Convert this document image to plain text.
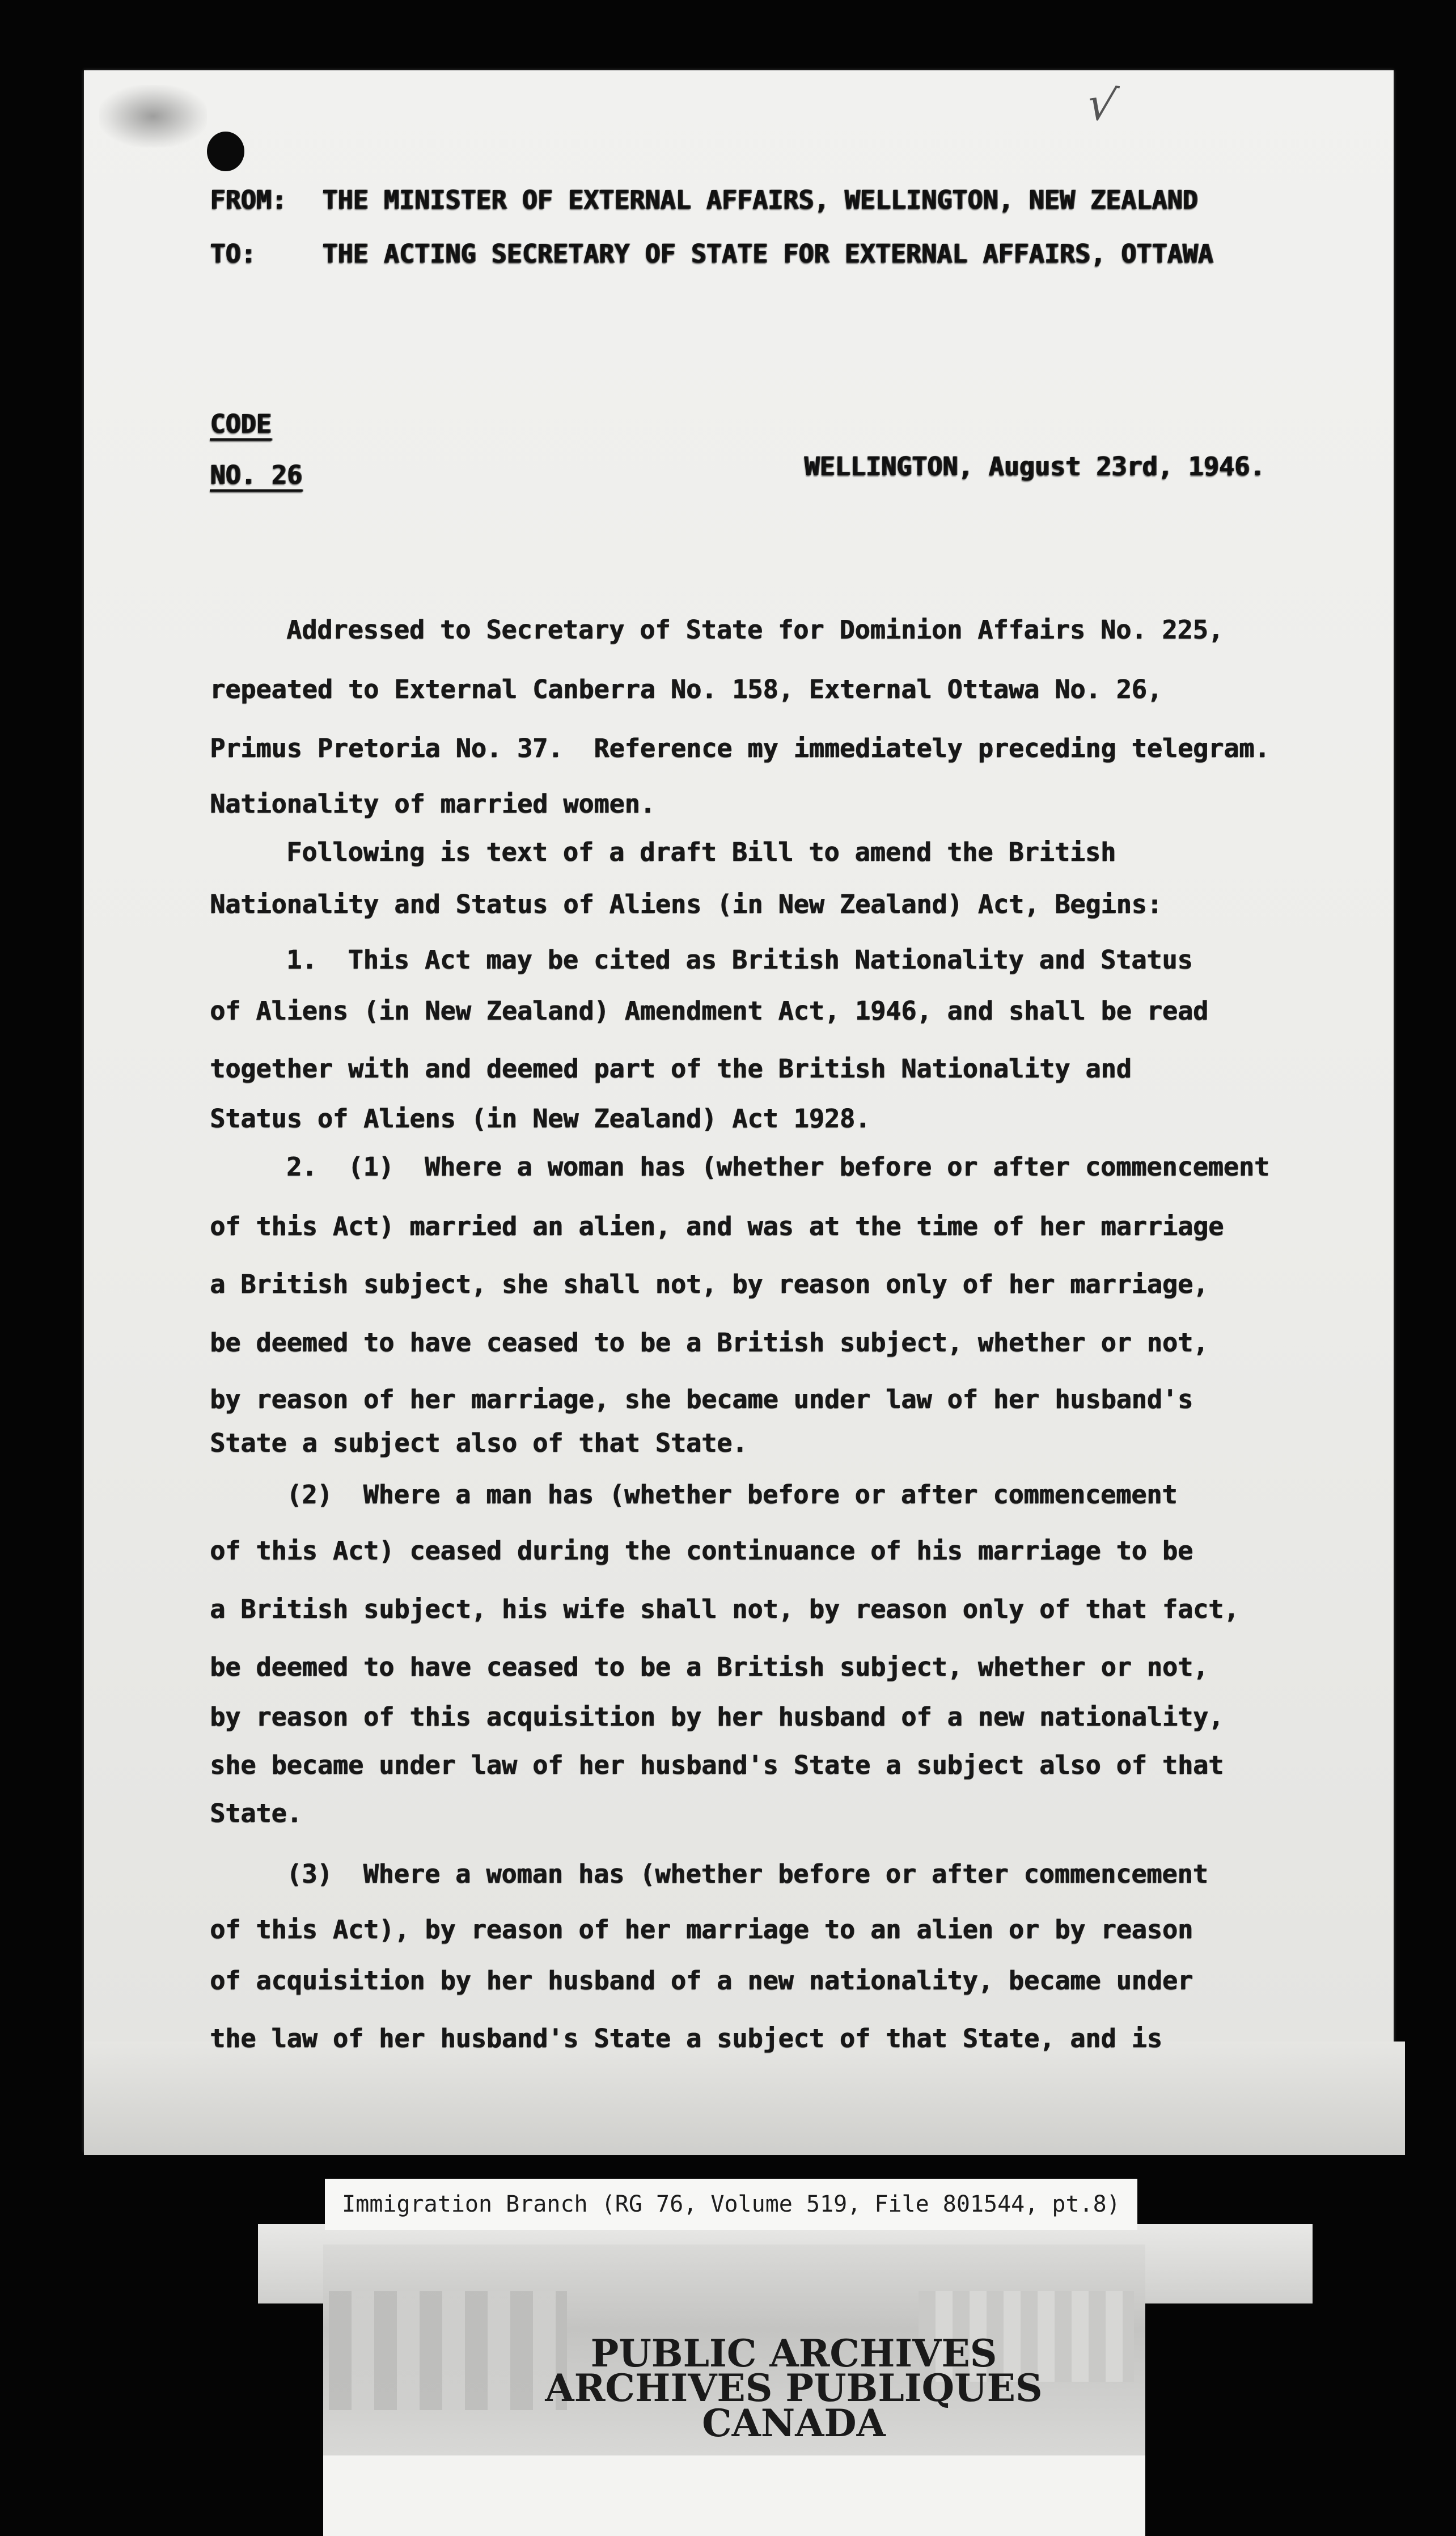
√
FROM: THE MINISTER OF EXTERNAL AFFAIRS, WELLINGTON, NEW ZEALAND
TO:	THE ACTING SECRETARY OF STATE FOR EXTERNAL AFFAIRS, OTTAWA
CODE
NO. 26	WELLINGTON, August 23rd, 1946.
Addressed to Secretary of State for Dominion Affairs No. 225,
repeated to External Canberra No. 158, External Ottawa No. 26,
Primus Pretoria No. 37.  Reference my immediately preceding telegram.
Nationality of married women.
Following is text of a draft Bill to amend the British
Nationality and Status of Aliens (in New Zealand) Act, Begins:
1.  This Act may be cited as British Nationality and Status
of Aliens (in New Zealand) Amendment Act, 1946, and shall be read
together with and deemed part of the British Nationality and
Status of Aliens (in New Zealand) Act 1928.
2.  (1)  Where a woman has (whether before or after commencement
of this Act) married an alien, and was at the time of her marriage
a British subject, she shall not, by reason only of her marriage,
be deemed to have ceased to be a British subject, whether or not,
by reason of her marriage, she became under law of her husband's
State a subject also of that State.
(2)  Where a man has (whether before or after commencement
of this Act) ceased during the continuance of his marriage to be
a British subject, his wife shall not, by reason only of that fact,
be deemed to have ceased to be a British subject, whether or not,
by reason of this acquisition by her husband of a new nationality,
she became under law of her husband's State a subject also of that
State.
(3)  Where a woman has (whether before or after commencement
of this Act), by reason of her marriage to an alien or by reason
of acquisition by her husband of a new nationality, became under
the law of her husband's State a subject of that State, and is
Immigration Branch (RG 76, Volume 519, File 801544, pt.8)
PUBLIC ARCHIVES
ARCHIVES PUBLIQUES
CANADA
